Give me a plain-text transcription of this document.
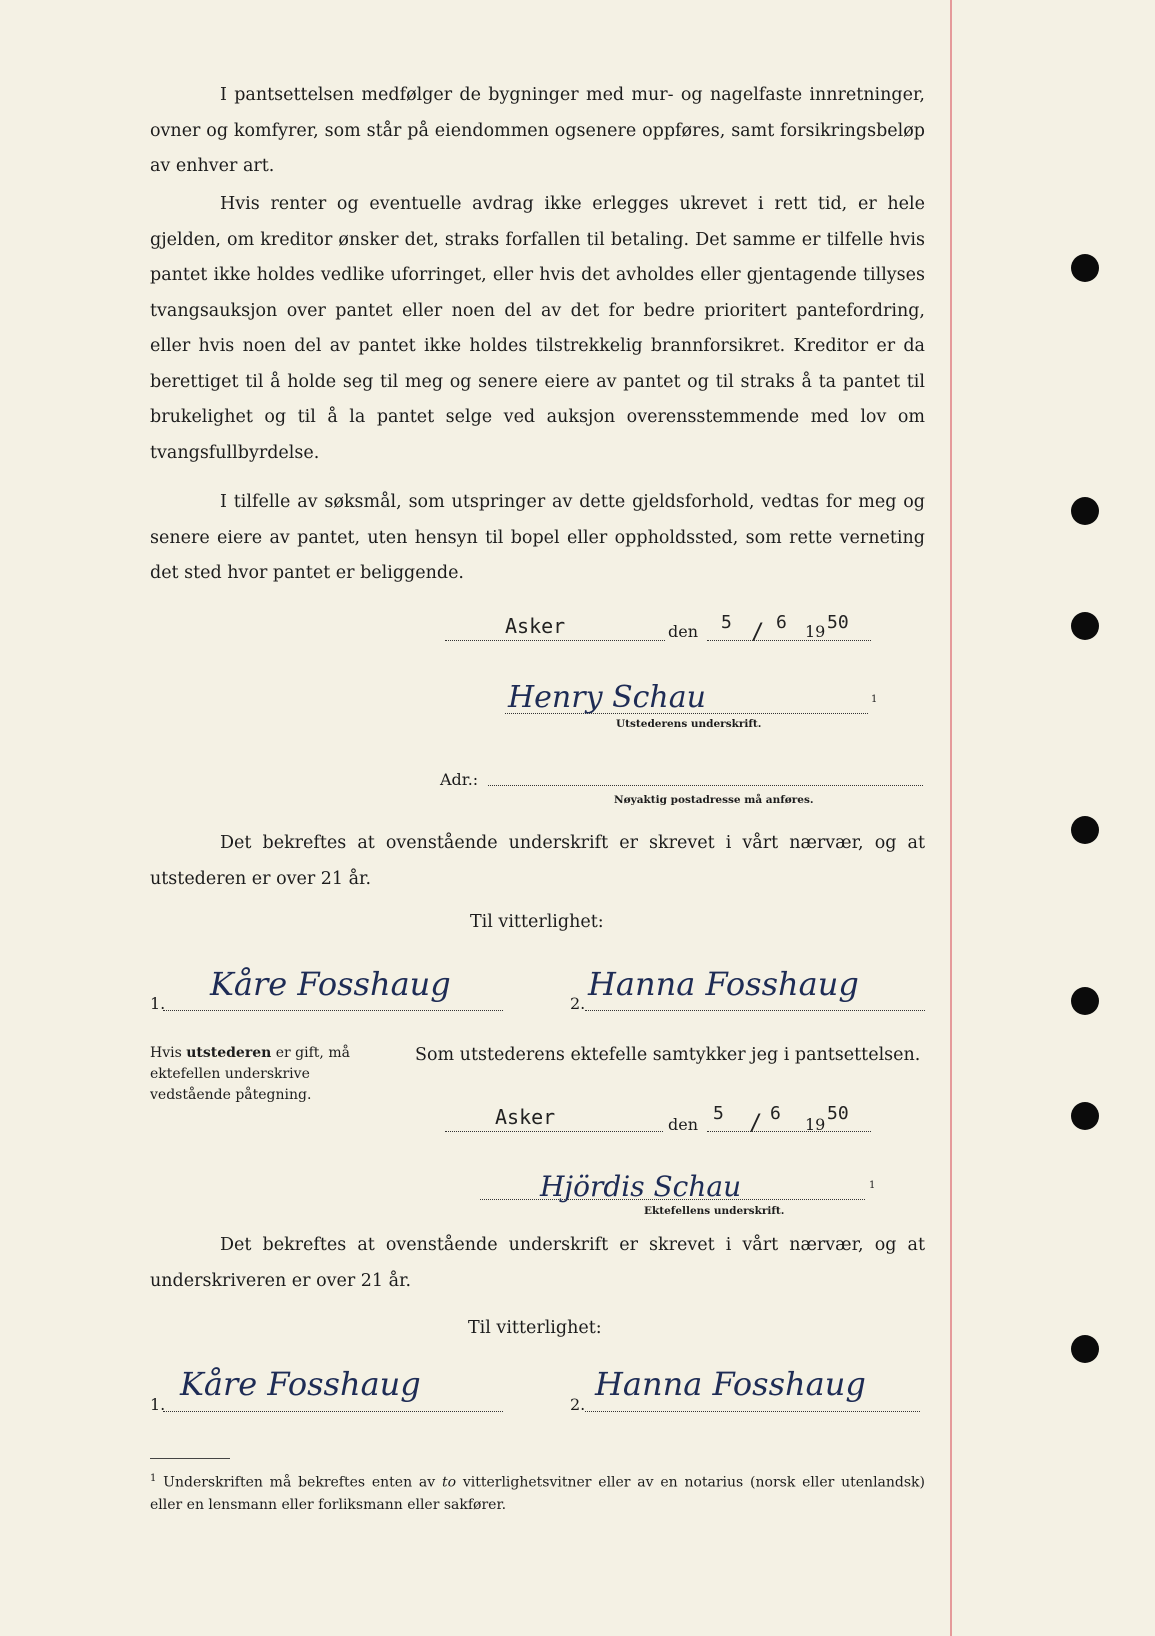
I pantsettelsen medfølger de bygninger med mur- og nagelfaste innretninger, ovner og komfyrer, som står på eiendommen ogsenere oppføres, samt forsikringsbeløp av enhver art.
Hvis renter og eventuelle avdrag ikke erlegges ukrevet i rett tid, er hele gjelden, om kreditor ønsker det, straks forfallen til betaling. Det samme er tilfelle hvis pantet ikke holdes vedlike uforringet, eller hvis det avholdes eller gjentagende tillyses tvangsauksjon over pantet eller noen del av det for bedre prioritert pantefordring, eller hvis noen del av pantet ikke holdes tilstrekkelig brannforsikret. Kreditor er da berettiget til å holde seg til meg og senere eiere av pantet og til straks å ta pantet til brukelighet og til å la pantet selge ved auksjon overensstemmende med lov om tvangsfullbyrdelse.
I tilfelle av søksmål, som utspringer av dette gjeldsforhold, vedtas for meg og senere eiere av pantet, uten hensyn til bopel eller oppholdssted, som rette verneting det sted hvor pantet er beliggende.
Asker	den 5 / 6 19 50
Henry Schau	1
Utstederens underskrift.
Adr.:
Nøyaktig postadresse må anføres.
Det bekreftes at ovenstående underskrift er skrevet i vårt nærvær, og at utstederen er over 21 år.
Til vitterlighet:
1.
Kåre Fosshaug
2.
Hanna Fosshaug
Hvis utstederen er gift, må ektefellen underskrive vedstående påtegning.
Som utstederens ektefelle samtykker jeg i pantsettelsen.
Asker	den
5 / 6
19
50
Hjördis Schau	1
Ektefellens underskrift.
Det bekreftes at ovenstående underskrift er skrevet i vårt nærvær, og at underskriveren er over 21 år.
Til vitterlighet:
1.
Kåre Fosshaug
2.
Hanna Fosshaug
$^1$ Underskriften må bekreftes enten av to vitterlighetsvitner eller av en notarius (norsk eller utenlandsk) eller en lensmann eller forliksmann eller sakfører.
